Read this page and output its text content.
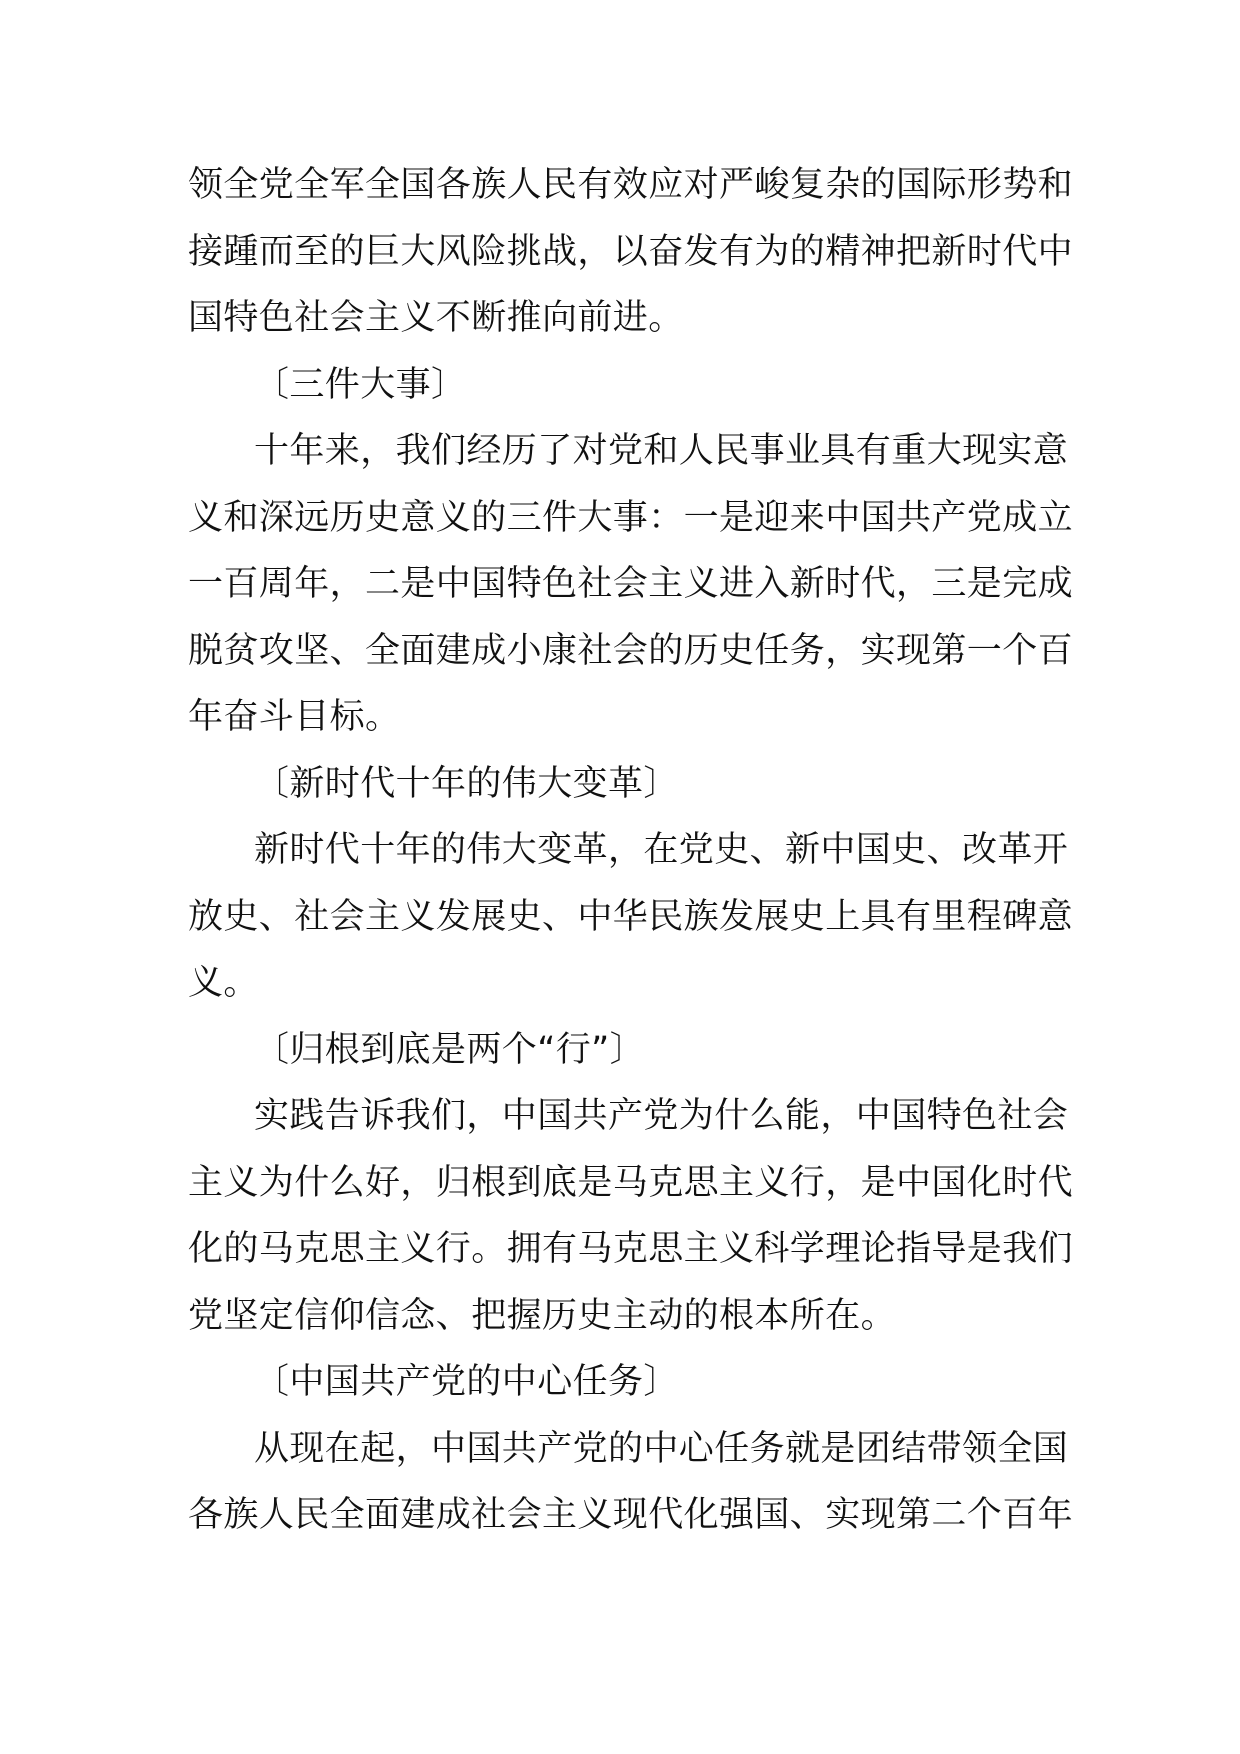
领全党全军全国各族人民有效应对严峻复杂的国际形势和
接踵而至的巨大风险挑战，以奋发有为的精神把新时代中
国特色社会主义不断推向前进。
〔三件大事〕
十年来，我们经历了对党和人民事业具有重大现实意
义和深远历史意义的三件大事：一是迎来中国共产党成立
一百周年，二是中国特色社会主义进入新时代，三是完成
脱贫攻坚、全面建成小康社会的历史任务，实现第一个百
年奋斗目标。
〔新时代十年的伟大变革〕
新时代十年的伟大变革，在党史、新中国史、改革开
放史、社会主义发展史、中华民族发展史上具有里程碑意
义。
〔归根到底是两个“行”〕
实践告诉我们，中国共产党为什么能，中国特色社会
主义为什么好，归根到底是马克思主义行，是中国化时代
化的马克思主义行。拥有马克思主义科学理论指导是我们
党坚定信仰信念、把握历史主动的根本所在。
〔中国共产党的中心任务〕
从现在起，中国共产党的中心任务就是团结带领全国
各族人民全面建成社会主义现代化强国、实现第二个百年
